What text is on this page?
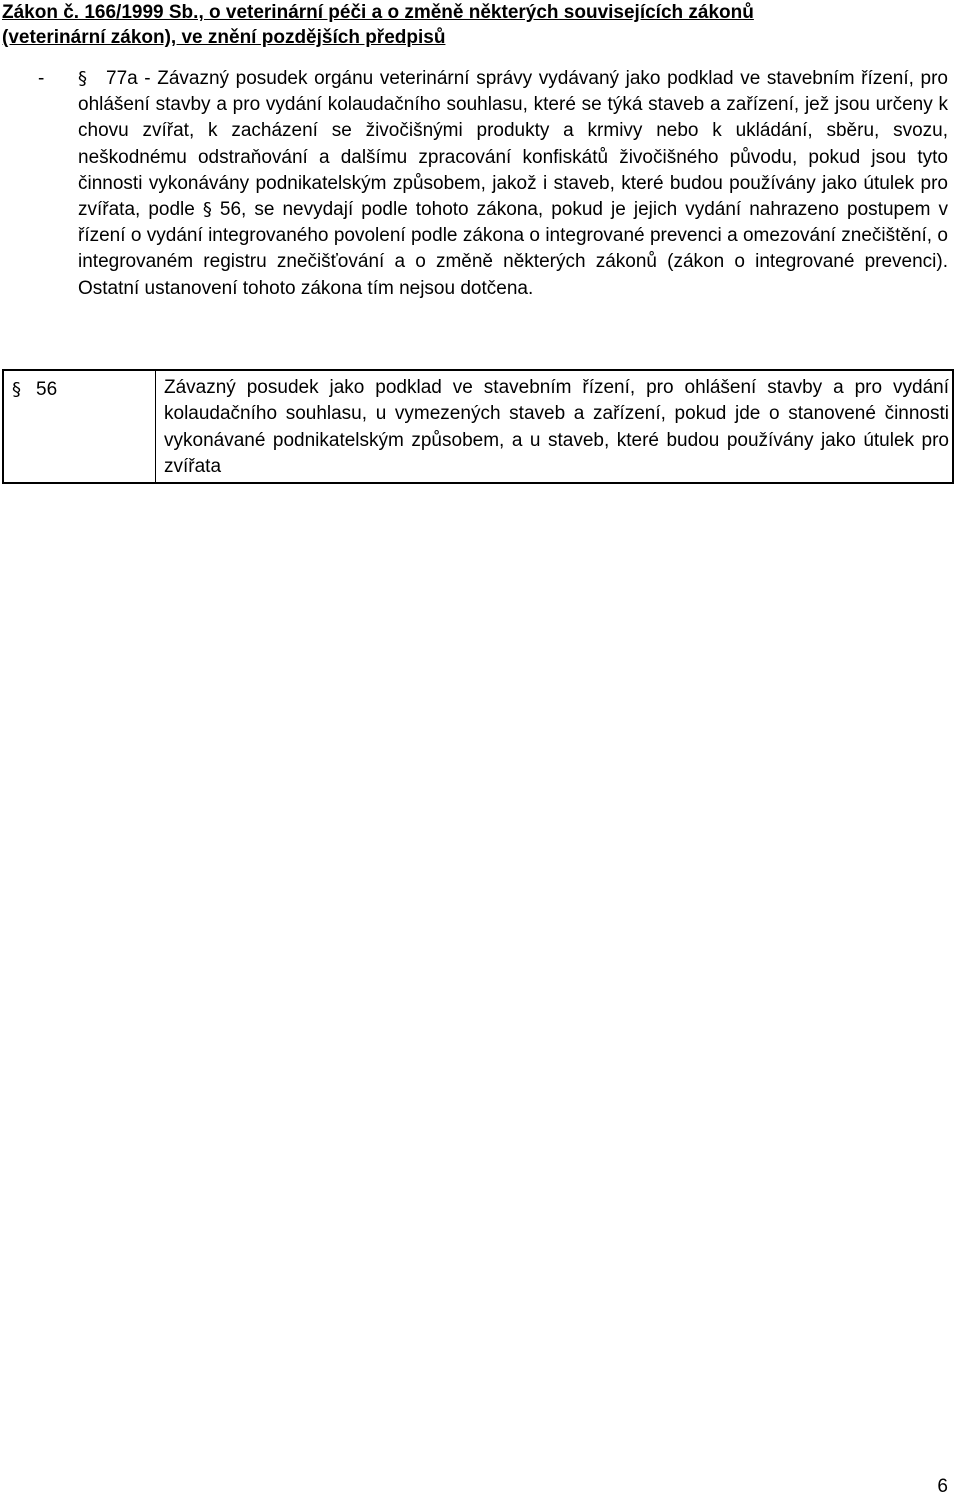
Zákon č. 166/1999 Sb., o veterinární péči a o změně některých souvisejících zákonů
(veterinární zákon), ve znění pozdějších předpisů
- § 77a - Závazný posudek orgánu veterinární správy vydávaný jako podklad ve stavebním řízení, pro ohlášení stavby a pro vydání kolaudačního souhlasu, které se týká staveb a zařízení, jež jsou určeny k chovu zvířat, k zacházení se živočišnými produkty a krmivy nebo k ukládání, sběru, svozu, neškodnému odstraňování a dalšímu zpracování konfiskátů živočišného původu, pokud jsou tyto činnosti vykonávány podnikatelským způsobem, jakož i staveb, které budou používány jako útulek pro zvířata, podle § 56, se nevydají podle tohoto zákona, pokud je jejich vydání nahrazeno postupem v řízení o vydání integrovaného povolení podle zákona o integrované prevenci a omezování znečištění, o integrovaném registru znečišťování a o změně některých zákonů (zákon o integrované prevenci). Ostatní ustanovení tohoto zákona tím nejsou dotčena.
§ 56	Závazný posudek jako podklad ve stavebním řízení, pro ohlášení stavby a pro vydání kolaudačního souhlasu, u vymezených staveb a zařízení, pokud jde o stanovené činnosti vykonávané podnikatelským způsobem, a u staveb, které budou používány jako útulek pro zvířata
6
